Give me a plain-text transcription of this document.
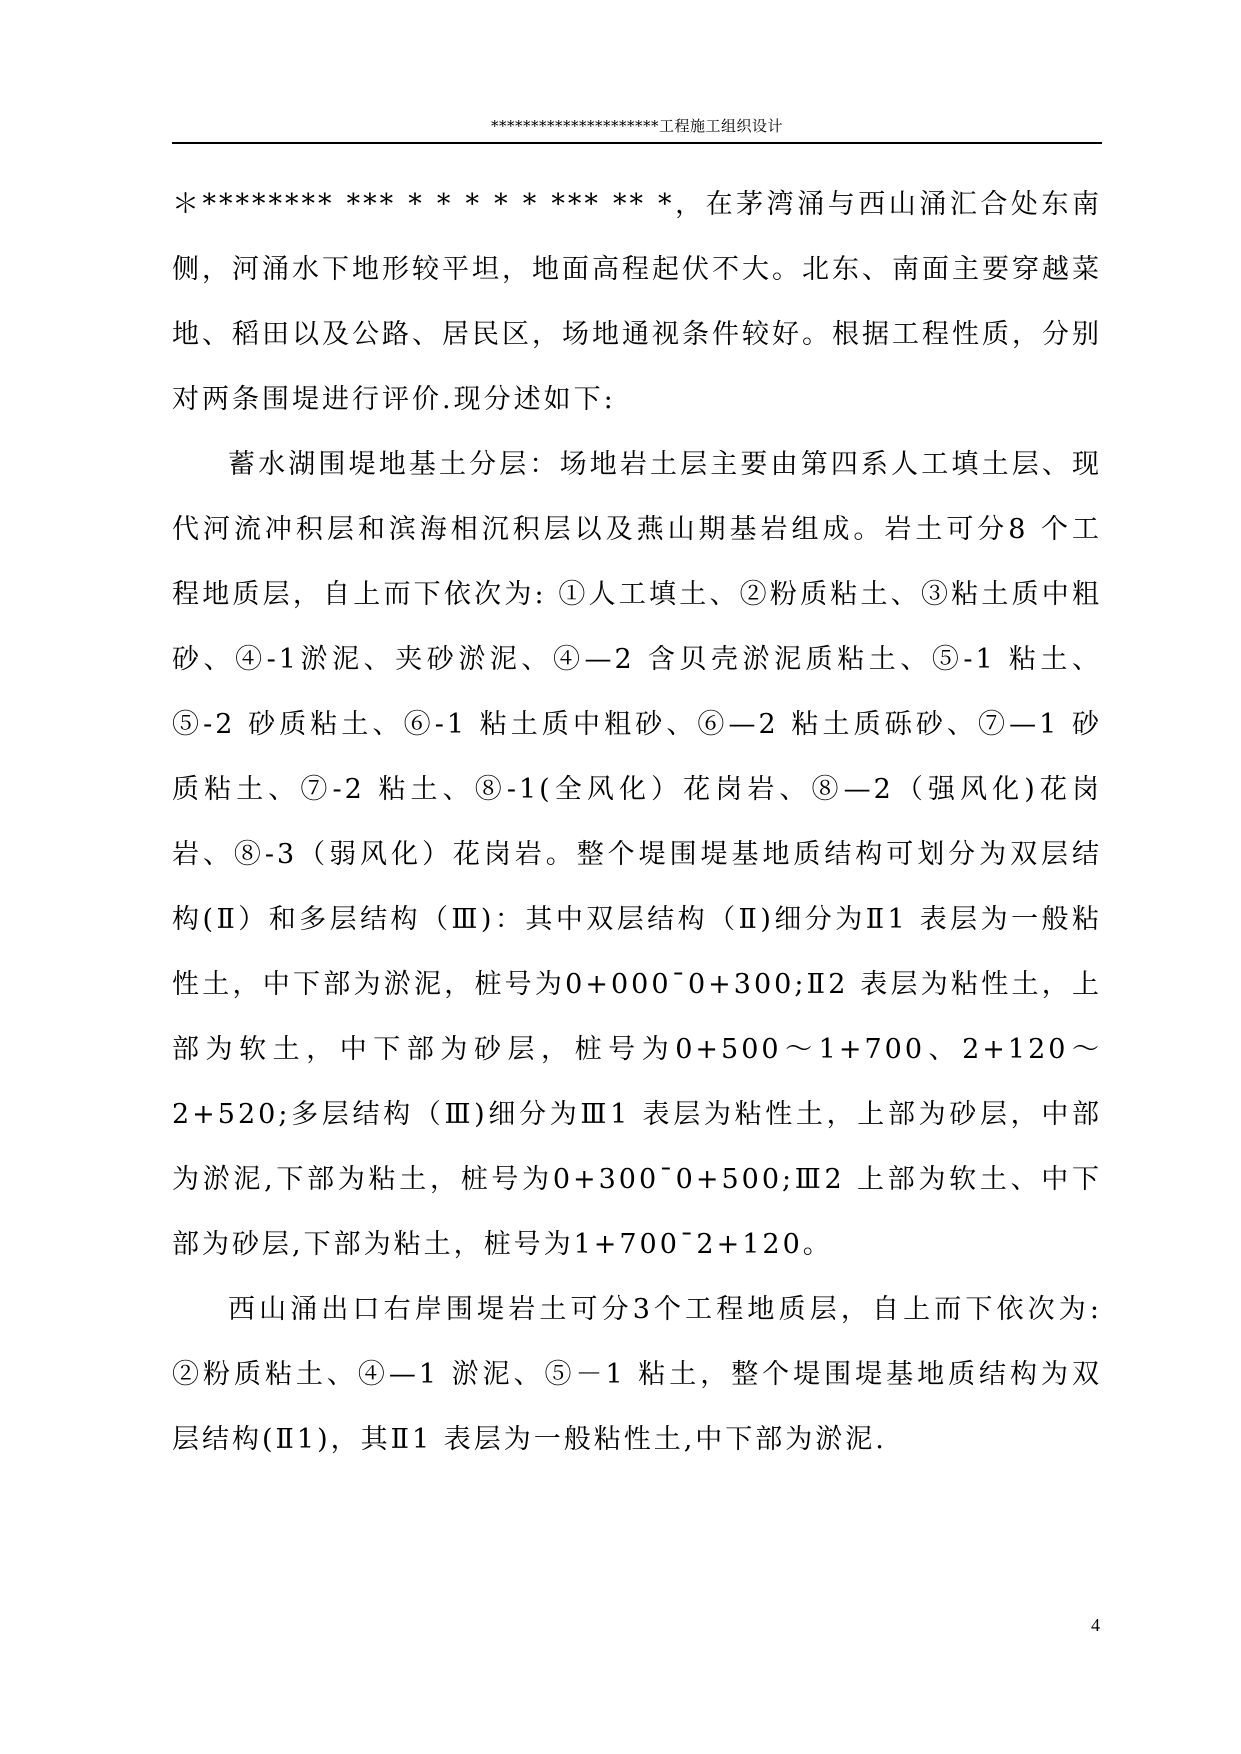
*********************工程施工组织设计

＊******** *** * * * * * *** ** *，在茅湾涌与西山涌汇合处东南侧，河涌水下地形较平坦，地面高程起伏不大。北东、南面主要穿越菜地、稻田以及公路、居民区，场地通视条件较好。根据工程性质，分别对两条围堤进行评价.现分述如下:

蓄水湖围堤地基土分层：场地岩土层主要由第四系人工填土层、现代河流冲积层和滨海相沉积层以及燕山期基岩组成。岩土可分8 个工程地质层，自上而下依次为: ①人工填土、②粉质粘土、③粘土质中粗砂、④-1淤泥、夹砂淤泥、④—2 含贝壳淤泥质粘土、⑤-1 粘土、⑤-2 砂质粘土、⑥-1 粘土质中粗砂、⑥—2 粘土质砾砂、⑦—1 砂质粘土、⑦-2 粘土、⑧-1(全风化）花岗岩、⑧—2（强风化)花岗岩、⑧-3（弱风化）花岗岩。整个堤围堤基地质结构可划分为双层结构(Ⅱ）和多层结构（Ⅲ)：其中双层结构（Ⅱ)细分为Ⅱ1 表层为一般粘性土，中下部为淤泥，桩号为0+000¯0+300;Ⅱ2 表层为粘性土，上部为软土，中下部为砂层，桩号为0+500～1+700、2+120～2+520;多层结构（Ⅲ)细分为Ⅲ1 表层为粘性土，上部为砂层，中部为淤泥,下部为粘土，桩号为0+300¯0+500;Ⅲ2 上部为软土、中下部为砂层,下部为粘土，桩号为1+700¯2+120。

西山涌出口右岸围堤岩土可分3个工程地质层，自上而下依次为: ②粉质粘土、④—1 淤泥、⑤－1 粘土，整个堤围堤基地质结构为双层结构(Ⅱ1)，其Ⅱ1 表层为一般粘性土,中下部为淤泥.

4
